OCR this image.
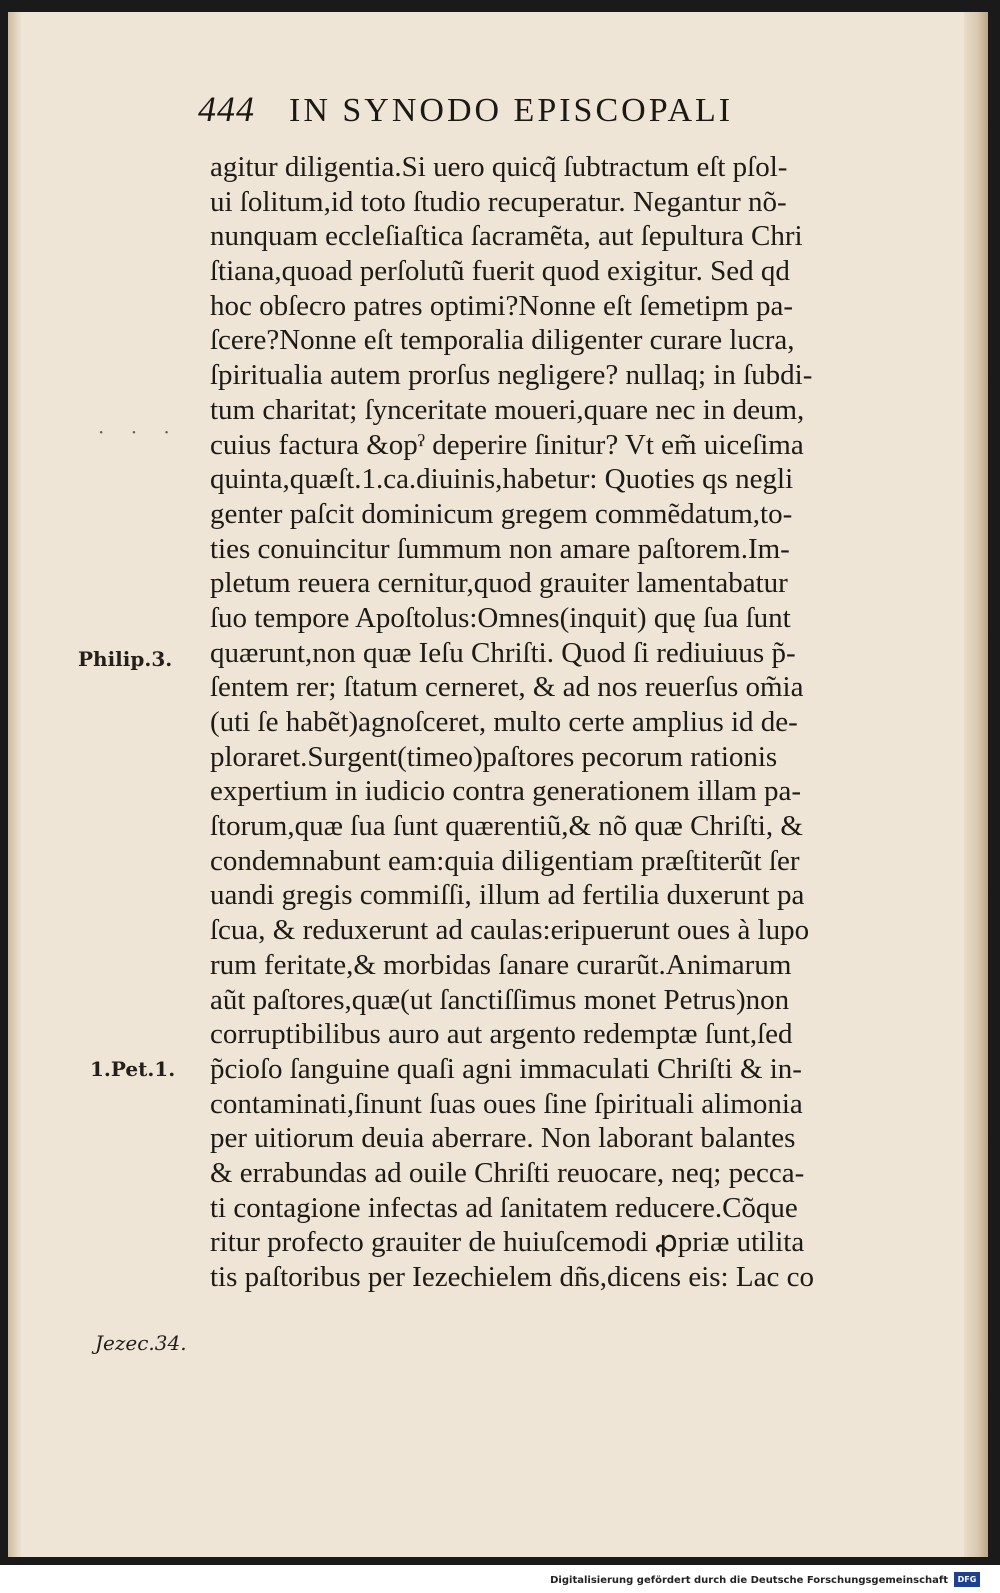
444 IN SYNODO EPISCOPALI
agitur diligentia.Si uero quicq̃ ſubtractum eſt pſol-
ui ſolitum,id toto ſtudio recuperatur. Negantur nõ-
nunquam eccleſiaſtica ſacramẽta, aut ſepultura Chri
ſtiana,quoad perſolutũ fuerit quod exigitur. Sed qd
hoc obſecro patres optimi?Nonne eſt ſemetipm pa-
ſcere?Nonne eſt temporalia diligenter curare lucra,
ſpiritualia autem prorſus negligere? nullaq; in ſubdi-
tum charitat; ſynceritate moueri,quare nec in deum,
cuius factura &opˀ deperire ſinitur? Vt em̃ uiceſima
quinta,quæſt.1.ca.diuinis,habetur: Quoties qs negli
genter paſcit dominicum gregem commẽdatum,to-
ties conuincitur ſummum non amare paſtorem.Im-
pletum reuera cernitur,quod grauiter lamentabatur
ſuo tempore Apoſtolus:Omnes(inquit) quę ſua ſunt
quærunt,non quæ Ieſu Chriſti. Quod ſi rediuiuus p̃-
ſentem rer; ſtatum cerneret, & ad nos reuerſus om̃ia
(uti ſe habẽt)agnoſceret, multo certe amplius id de-
ploraret.Surgent(timeo)paſtores pecorum rationis
expertium in iudicio contra generationem illam pa-
ſtorum,quæ ſua ſunt quærentiũ,& nõ quæ Chriſti, &
condemnabunt eam:quia diligentiam præſtiterũt ſer
uandi gregis commiſſi, illum ad fertilia duxerunt pa
ſcua, & reduxerunt ad caulas:eripuerunt oues à lupo
rum feritate,& morbidas ſanare curarũt.Animarum
aũt paſtores,quæ(ut ſanctiſſimus monet Petrus)non
corruptibilibus auro aut argento redemptæ ſunt,ſed
p̃cioſo ſanguine quaſi agni immaculati Chriſti & in-
contaminati,ſinunt ſuas oues ſine ſpirituali alimonia
per uitiorum deuia aberrare. Non laborant balantes
& errabundas ad ouile Chriſti reuocare, neq; pecca-
ti contagione infectas ad ſanitatem reducere.Cõque
ritur profecto grauiter de huiuſcemodi ꝓpriæ utilita
tis paſtoribus per Iezechielem dñs,dicens eis: Lac co
· · ·
Philip.3.
1.Pet.1.
Jezec.34.
Digitalisierung gefördert durch die Deutsche Forschungsgemeinschaft	DFG
